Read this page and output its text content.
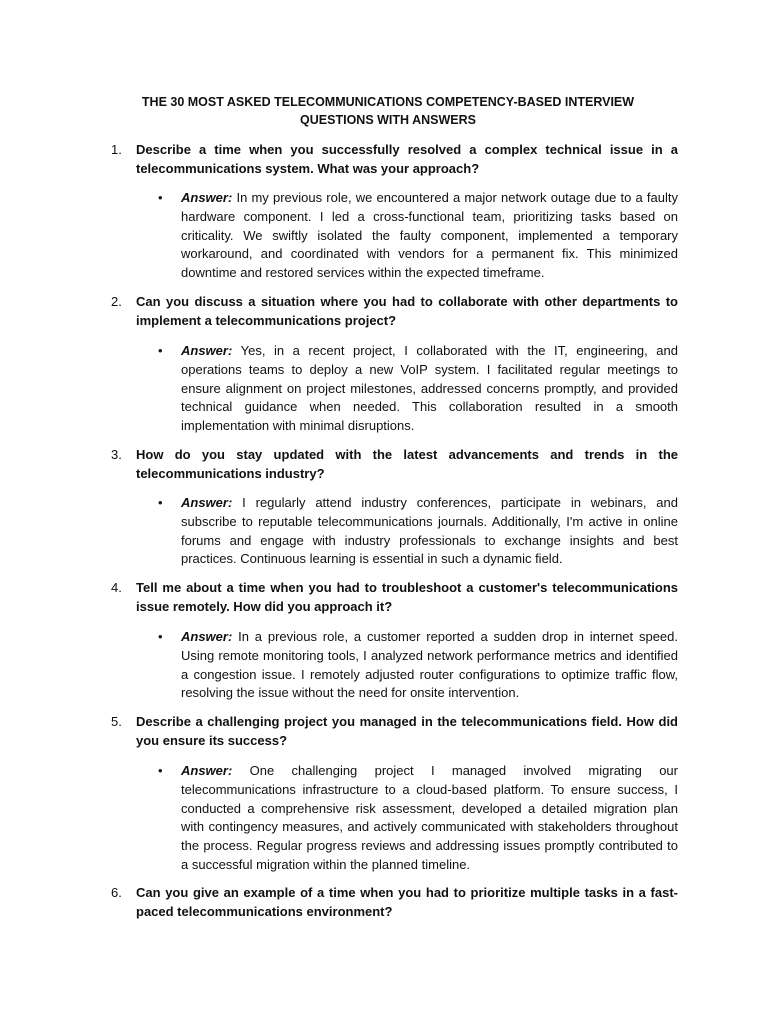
THE 30 MOST ASKED TELECOMMUNICATIONS COMPETENCY-BASED INTERVIEW
QUESTIONS WITH ANSWERS
1. Describe a time when you successfully resolved a complex technical issue in a telecommunications system. What was your approach?
• Answer: In my previous role, we encountered a major network outage due to a faulty hardware component. I led a cross-functional team, prioritizing tasks based on criticality. We swiftly isolated the faulty component, implemented a temporary workaround, and coordinated with vendors for a permanent fix. This minimized downtime and restored services within the expected timeframe.
2. Can you discuss a situation where you had to collaborate with other departments to implement a telecommunications project?
• Answer: Yes, in a recent project, I collaborated with the IT, engineering, and operations teams to deploy a new VoIP system. I facilitated regular meetings to ensure alignment on project milestones, addressed concerns promptly, and provided technical guidance when needed. This collaboration resulted in a smooth implementation with minimal disruptions.
3. How do you stay updated with the latest advancements and trends in the telecommunications industry?
• Answer: I regularly attend industry conferences, participate in webinars, and subscribe to reputable telecommunications journals. Additionally, I'm active in online forums and engage with industry professionals to exchange insights and best practices. Continuous learning is essential in such a dynamic field.
4. Tell me about a time when you had to troubleshoot a customer's telecommunications issue remotely. How did you approach it?
• Answer: In a previous role, a customer reported a sudden drop in internet speed. Using remote monitoring tools, I analyzed network performance metrics and identified a congestion issue. I remotely adjusted router configurations to optimize traffic flow, resolving the issue without the need for onsite intervention.
5. Describe a challenging project you managed in the telecommunications field. How did you ensure its success?
• Answer: One challenging project I managed involved migrating our telecommunications infrastructure to a cloud-based platform. To ensure success, I conducted a comprehensive risk assessment, developed a detailed migration plan with contingency measures, and actively communicated with stakeholders throughout the process. Regular progress reviews and addressing issues promptly contributed to a successful migration within the planned timeline.
6. Can you give an example of a time when you had to prioritize multiple tasks in a fast-paced telecommunications environment?
